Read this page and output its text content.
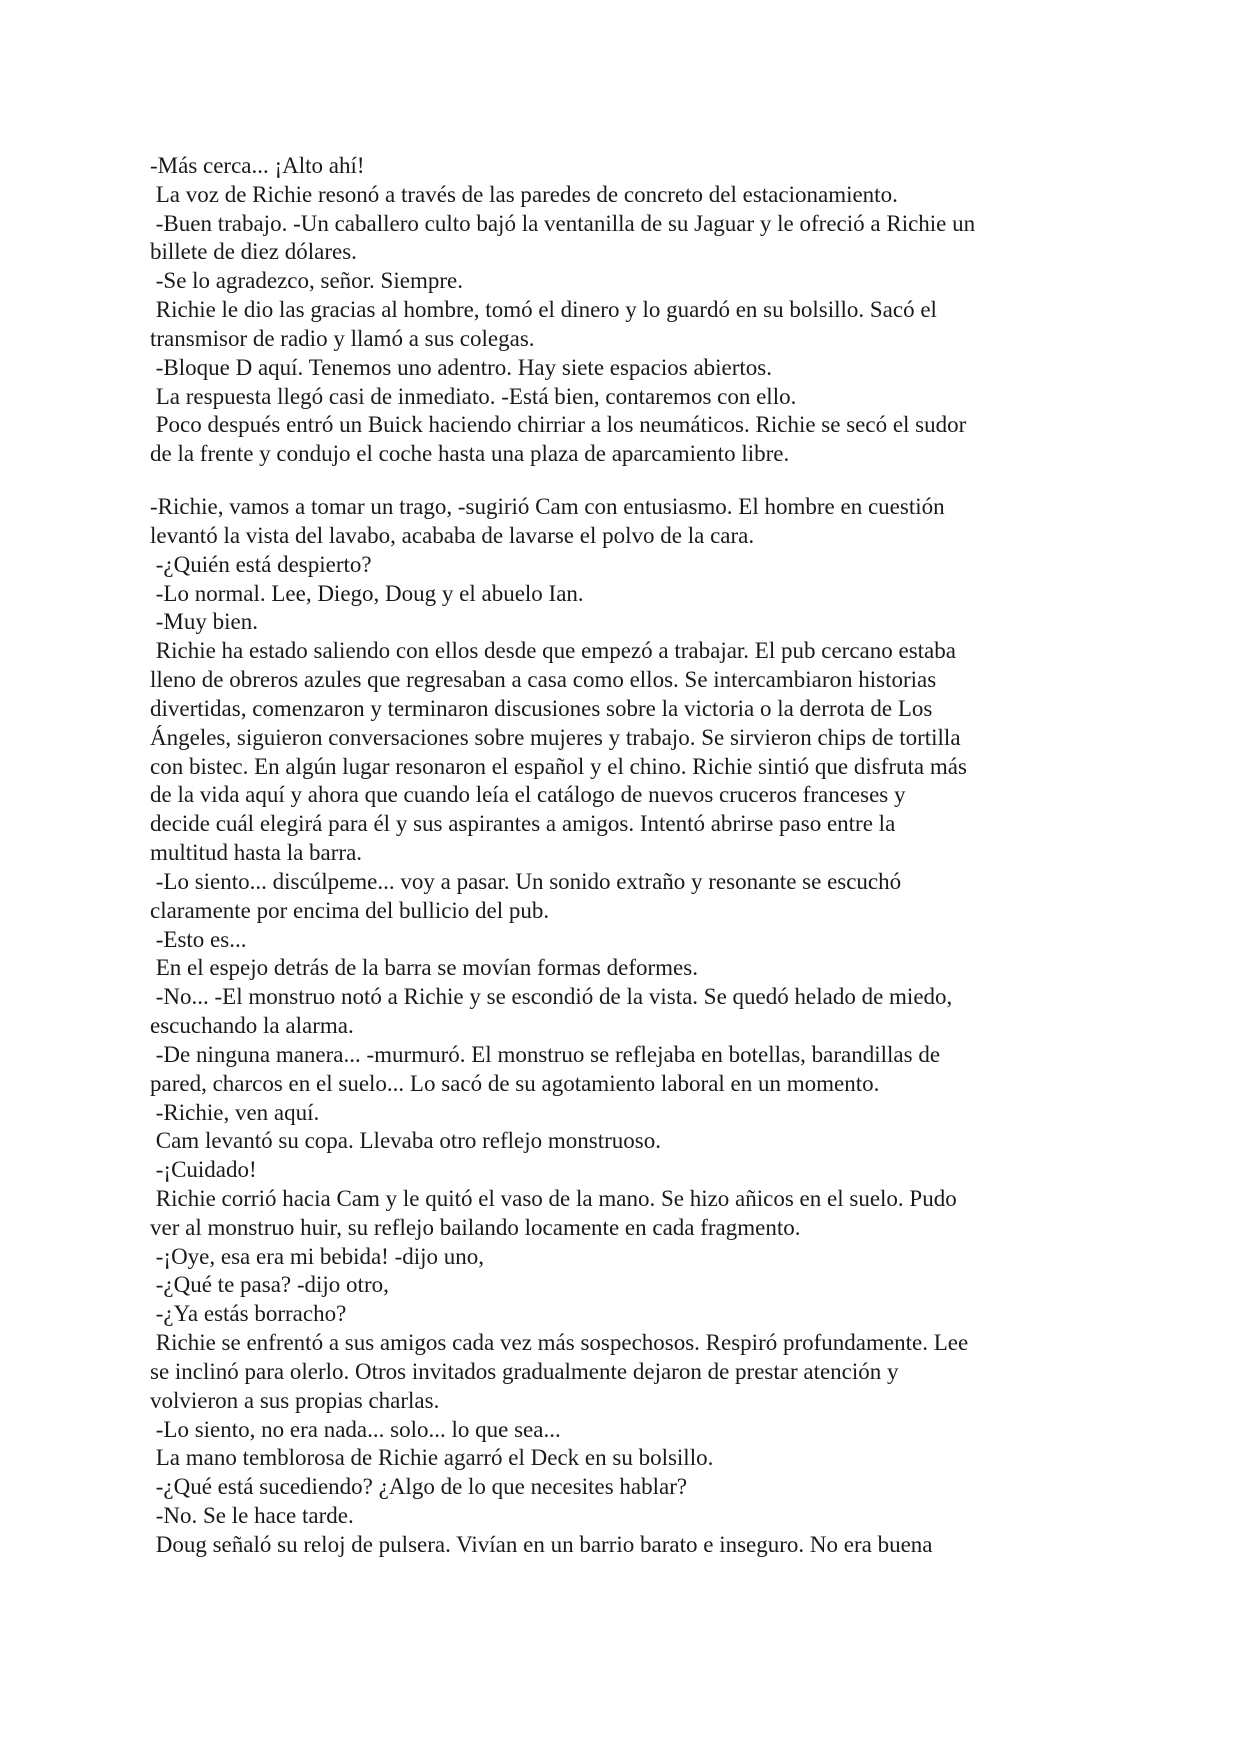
-Más cerca... ¡Alto ahí!
La voz de Richie resonó a través de las paredes de concreto del estacionamiento.
-Buen trabajo. -Un caballero culto bajó la ventanilla de su Jaguar y le ofreció a Richie un
billete de diez dólares.
-Se lo agradezco, señor. Siempre.
Richie le dio las gracias al hombre, tomó el dinero y lo guardó en su bolsillo. Sacó el
transmisor de radio y llamó a sus colegas.
-Bloque D aquí. Tenemos uno adentro. Hay siete espacios abiertos.
La respuesta llegó casi de inmediato. -Está bien, contaremos con ello.
Poco después entró un Buick haciendo chirriar a los neumáticos. Richie se secó el sudor
de la frente y condujo el coche hasta una plaza de aparcamiento libre.
-Richie, vamos a tomar un trago, -sugirió Cam con entusiasmo. El hombre en cuestión
levantó la vista del lavabo, acababa de lavarse el polvo de la cara.
-¿Quién está despierto?
-Lo normal. Lee, Diego, Doug y el abuelo Ian.
-Muy bien.
Richie ha estado saliendo con ellos desde que empezó a trabajar. El pub cercano estaba
lleno de obreros azules que regresaban a casa como ellos. Se intercambiaron historias
divertidas, comenzaron y terminaron discusiones sobre la victoria o la derrota de Los
Ángeles, siguieron conversaciones sobre mujeres y trabajo. Se sirvieron chips de tortilla
con bistec. En algún lugar resonaron el español y el chino. Richie sintió que disfruta más
de la vida aquí y ahora que cuando leía el catálogo de nuevos cruceros franceses y
decide cuál elegirá para él y sus aspirantes a amigos. Intentó abrirse paso entre la
multitud hasta la barra.
-Lo siento... discúlpeme... voy a pasar. Un sonido extraño y resonante se escuchó
claramente por encima del bullicio del pub.
-Esto es...
En el espejo detrás de la barra se movían formas deformes.
-No... -El monstruo notó a Richie y se escondió de la vista. Se quedó helado de miedo,
escuchando la alarma.
-De ninguna manera... -murmuró. El monstruo se reflejaba en botellas, barandillas de
pared, charcos en el suelo... Lo sacó de su agotamiento laboral en un momento.
-Richie, ven aquí.
Cam levantó su copa. Llevaba otro reflejo monstruoso.
-¡Cuidado!
Richie corrió hacia Cam y le quitó el vaso de la mano. Se hizo añicos en el suelo. Pudo
ver al monstruo huir, su reflejo bailando locamente en cada fragmento.
-¡Oye, esa era mi bebida! -dijo uno,
-¿Qué te pasa? -dijo otro,
-¿Ya estás borracho?
Richie se enfrentó a sus amigos cada vez más sospechosos. Respiró profundamente. Lee
se inclinó para olerlo. Otros invitados gradualmente dejaron de prestar atención y
volvieron a sus propias charlas.
-Lo siento, no era nada... solo... lo que sea...
La mano temblorosa de Richie agarró el Deck en su bolsillo.
-¿Qué está sucediendo? ¿Algo de lo que necesites hablar?
-No. Se le hace tarde.
Doug señaló su reloj de pulsera. Vivían en un barrio barato e inseguro. No era buena
